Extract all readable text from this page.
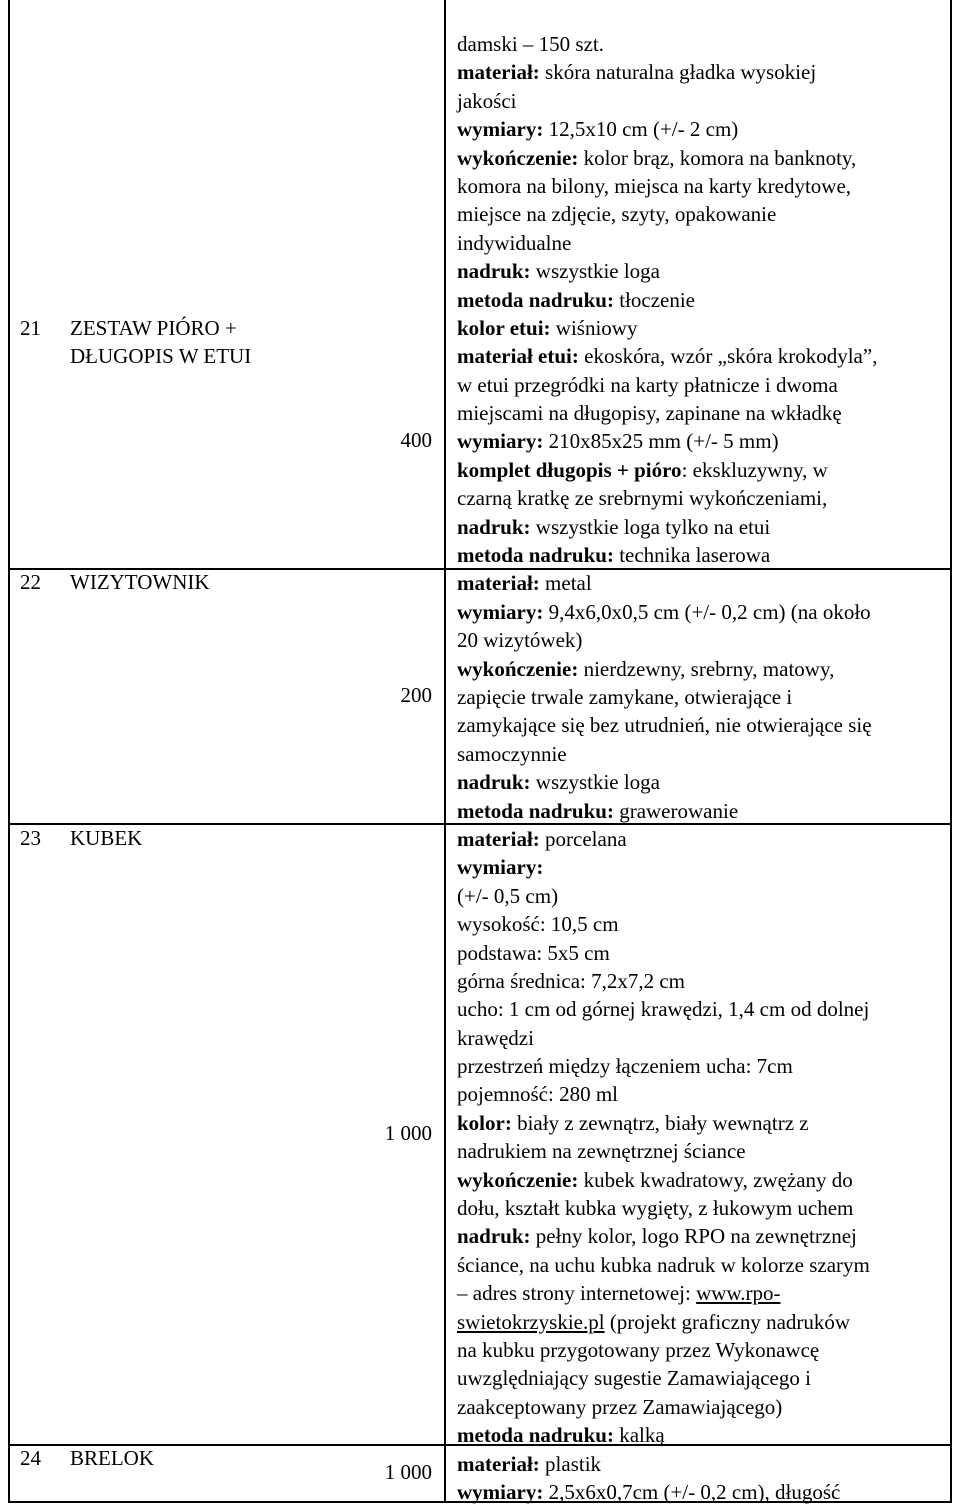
21 ZESTAW PIÓRO +
DŁUGOPIS W ETUI
400
22 WIZYTOWNIK
200
23 KUBEK
1 000
24 BRELOK
1 000
damski – 150 szt.
materiał: skóra naturalna gładka wysokiej
jakości
wymiary: 12,5x10 cm (+/- 2 cm)
wykończenie: kolor brąz, komora na banknoty,
komora na bilony, miejsca na karty kredytowe,
miejsce na zdjęcie, szyty, opakowanie
indywidualne
nadruk: wszystkie loga
metoda nadruku: tłoczenie
kolor etui: wiśniowy
materiał etui: ekoskóra, wzór „skóra krokodyla”,
w etui przegródki na karty płatnicze i dwoma
miejscami na długopisy, zapinane na wkładkę
wymiary: 210x85x25 mm (+/- 5 mm)
komplet długopis + pióro: ekskluzywny, w
czarną kratkę ze srebrnymi wykończeniami,
nadruk: wszystkie loga tylko na etui
metoda nadruku: technika laserowa
materiał: metal
wymiary: 9,4x6,0x0,5 cm (+/- 0,2 cm) (na około
20 wizytówek)
wykończenie: nierdzewny, srebrny, matowy,
zapięcie trwale zamykane, otwierające i
zamykające się bez utrudnień, nie otwierające się
samoczynnie
nadruk: wszystkie loga
metoda nadruku: grawerowanie
materiał: porcelana
wymiary:
(+/- 0,5 cm)
wysokość: 10,5 cm
podstawa: 5x5 cm
górna średnica: 7,2x7,2 cm
ucho: 1 cm od górnej krawędzi, 1,4 cm od dolnej
krawędzi
przestrzeń między łączeniem ucha: 7cm
pojemność: 280 ml
kolor: biały z zewnątrz, biały wewnątrz z
nadrukiem na zewnętrznej ściance
wykończenie: kubek kwadratowy, zwężany do
dołu, kształt kubka wygięty, z łukowym uchem
nadruk: pełny kolor, logo RPO na zewnętrznej
ściance, na uchu kubka nadruk w kolorze szarym
– adres strony internetowej: www.rpo-
swietokrzyskie.pl (projekt graficzny nadruków
na kubku przygotowany przez Wykonawcę
uwzględniający sugestie Zamawiającego i
zaakceptowany przez Zamawiającego)
metoda nadruku: kalką
materiał: plastik
wymiary: 2,5x6x0,7cm (+/- 0,2 cm), długość
